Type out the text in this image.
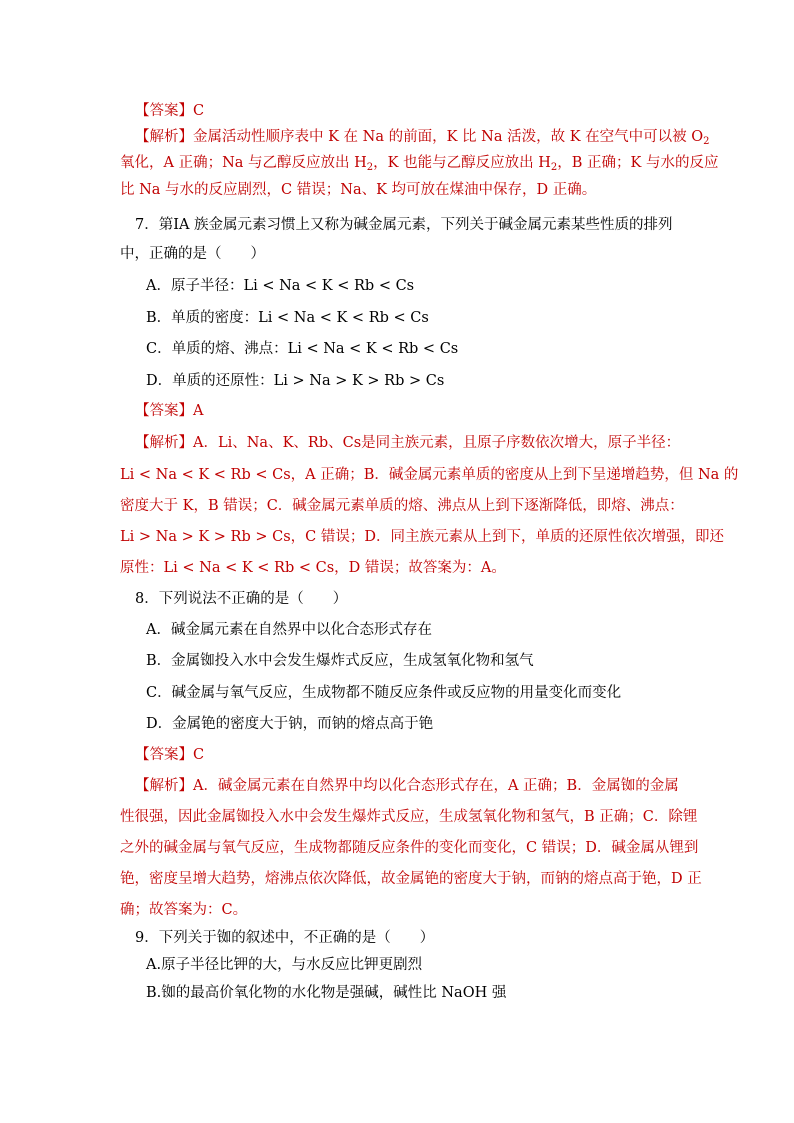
【答案】C
【解析】金属活动性顺序表中 K 在 Na 的前面，K 比 Na 活泼，故 K 在空气中可以被 $O_2$
氧化，A 正确；Na 与乙醇反应放出 $H_2$，K 也能与乙醇反应放出 $H_2$，B 正确；K 与水的反应
比 Na 与水的反应剧烈，C 错误；Na、K 均可放在煤油中保存，D 正确。
7．第ⅠA 族金属元素习惯上又称为碱金属元素，下列关于碱金属元素某些性质的排列
中，正确的是（　　）
A．原子半径：Li < Na < K < Rb < Cs
B．单质的密度：Li < Na < K < Rb < Cs
C．单质的熔、沸点：Li < Na < K < Rb < Cs
D．单质的还原性：Li > Na > K > Rb > Cs
【答案】A
【解析】A．Li、Na、K、Rb、Cs是同主族元素，且原子序数依次增大，原子半径：
Li < Na < K < Rb < Cs，A 正确；B．碱金属元素单质的密度从上到下呈递增趋势，但 Na 的
密度大于 K，B 错误；C．碱金属元素单质的熔、沸点从上到下逐渐降低，即熔、沸点：
Li > Na > K > Rb > Cs，C 错误；D．同主族元素从上到下，单质的还原性依次增强，即还
原性：Li < Na < K < Rb < Cs，D 错误；故答案为：A。
8．下列说法不正确的是（　　）
A．碱金属元素在自然界中以化合态形式存在
B．金属铷投入水中会发生爆炸式反应，生成氢氧化物和氢气
C．碱金属与氧气反应，生成物都不随反应条件或反应物的用量变化而变化
D．金属铯的密度大于钠，而钠的熔点高于铯
【答案】C
【解析】A．碱金属元素在自然界中均以化合态形式存在，A 正确；B．金属铷的金属
性很强，因此金属铷投入水中会发生爆炸式反应，生成氢氧化物和氢气，B 正确；C．除锂
之外的碱金属与氧气反应，生成物都随反应条件的变化而变化，C 错误；D．碱金属从锂到
铯，密度呈增大趋势，熔沸点依次降低，故金属铯的密度大于钠，而钠的熔点高于铯，D 正
确；故答案为：C。
9．下列关于铷的叙述中，不正确的是（　　）
A.原子半径比钾的大，与水反应比钾更剧烈
B.铷的最高价氧化物的水化物是强碱，碱性比 NaOH 强
